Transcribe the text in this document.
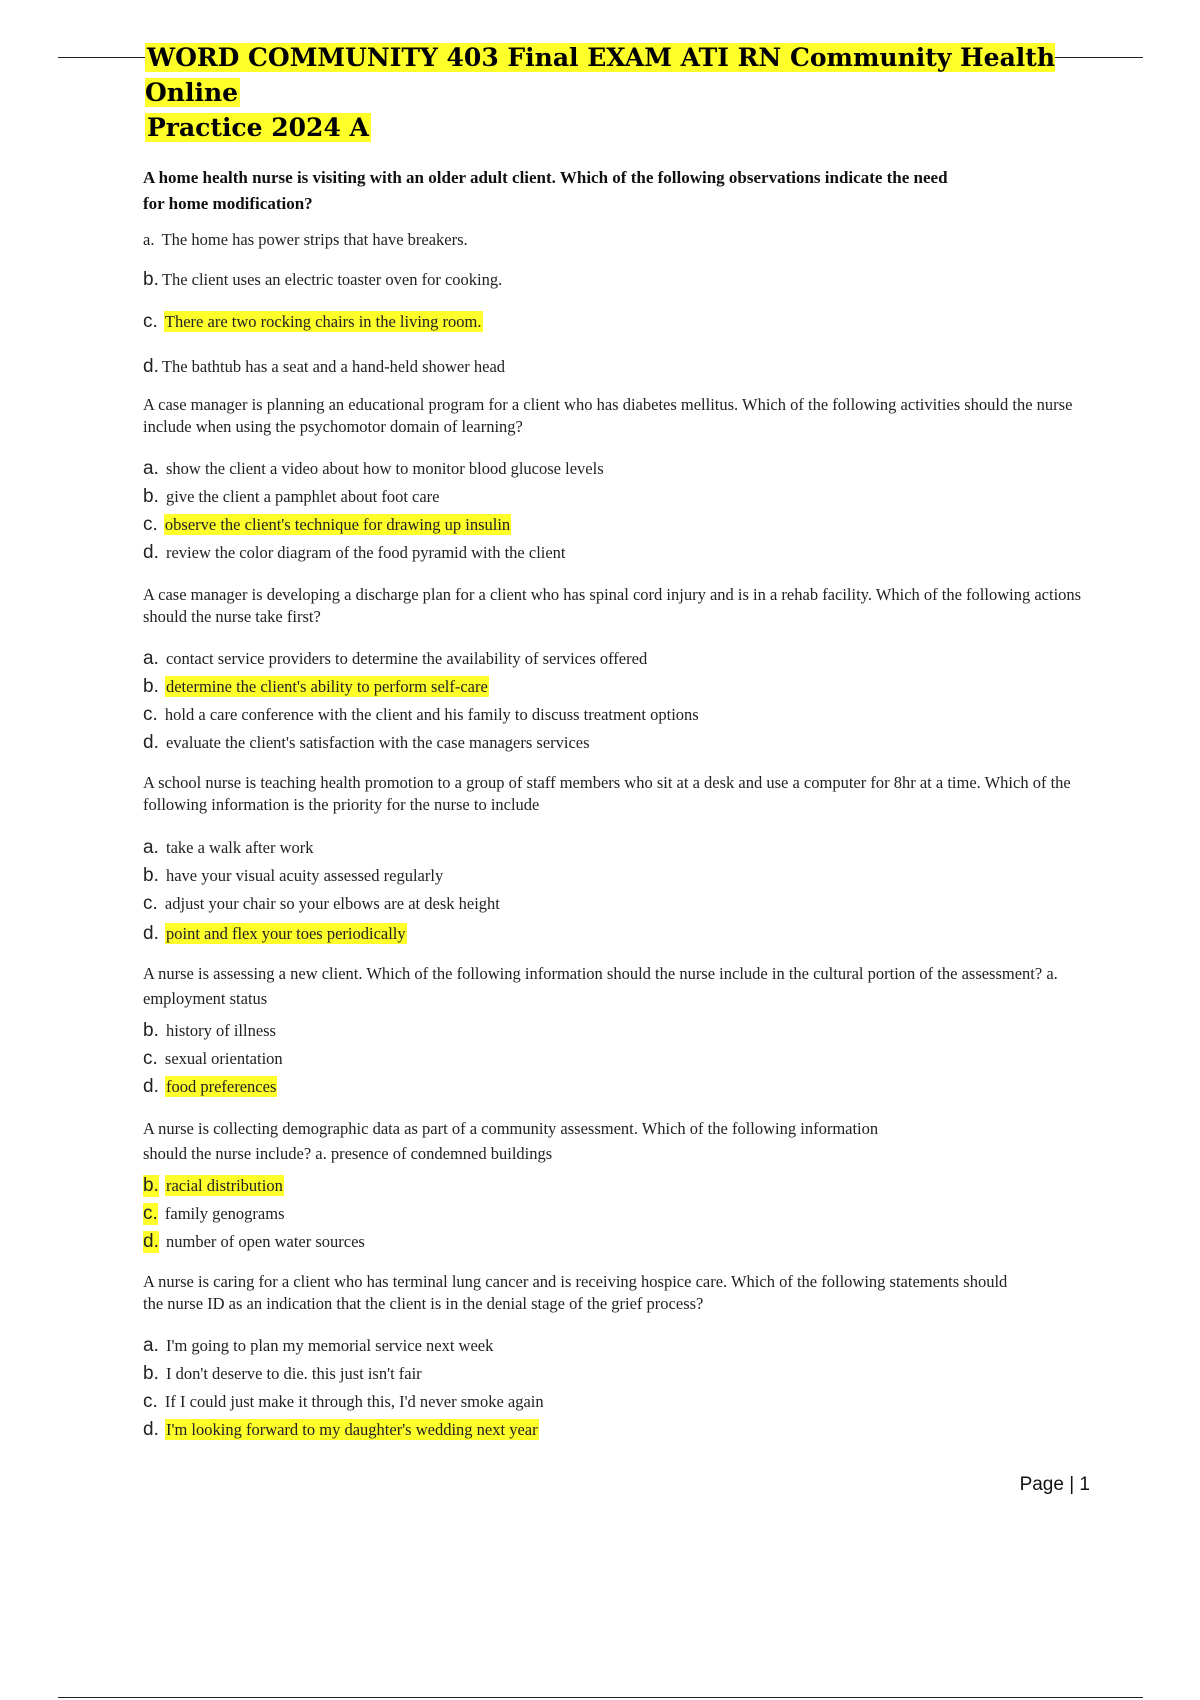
WORD COMMUNITY 403 Final EXAM ATI RN Community Health Online
Practice 2024 A
A home health nurse is visiting with an older adult client. Which of the following observations indicate the need for home modification?
a. The home has power strips that have breakers.
b. The client uses an electric toaster oven for cooking.
c. There are two rocking chairs in the living room.
d. The bathtub has a seat and a hand-held shower head
A case manager is planning an educational program for a client who has diabetes mellitus. Which of the following activities should the nurse include when using the psychomotor domain of learning?
a. show the client a video about how to monitor blood glucose levels
b. give the client a pamphlet about foot care
c. observe the client's technique for drawing up insulin
d. review the color diagram of the food pyramid with the client
A case manager is developing a discharge plan for a client who has spinal cord injury and is in a rehab facility. Which of the following actions should the nurse take first?
a. contact service providers to determine the availability of services offered
b. determine the client's ability to perform self-care
c. hold a care conference with the client and his family to discuss treatment options
d. evaluate the client's satisfaction with the case managers services
A school nurse is teaching health promotion to a group of staff members who sit at a desk and use a computer for 8hr at a time. Which of the following information is the priority for the nurse to include
a. take a walk after work
b. have your visual acuity assessed regularly
c. adjust your chair so your elbows are at desk height
d. point and flex your toes periodically
A nurse is assessing a new client. Which of the following information should the nurse include in the cultural portion of the assessment? a. employment status
b. history of illness
c. sexual orientation
d. food preferences
A nurse is collecting demographic data as part of a community assessment. Which of the following information should the nurse include? a. presence of condemned buildings
b. racial distribution
c. family genograms
d. number of open water sources
A nurse is caring for a client who has terminal lung cancer and is receiving hospice care. Which of the following statements should the nurse ID as an indication that the client is in the denial stage of the grief process?
a. I'm going to plan my memorial service next week
b. I don't deserve to die. this just isn't fair
c. If I could just make it through this, I'd never smoke again
d. I'm looking forward to my daughter's wedding next year
Page | 1
